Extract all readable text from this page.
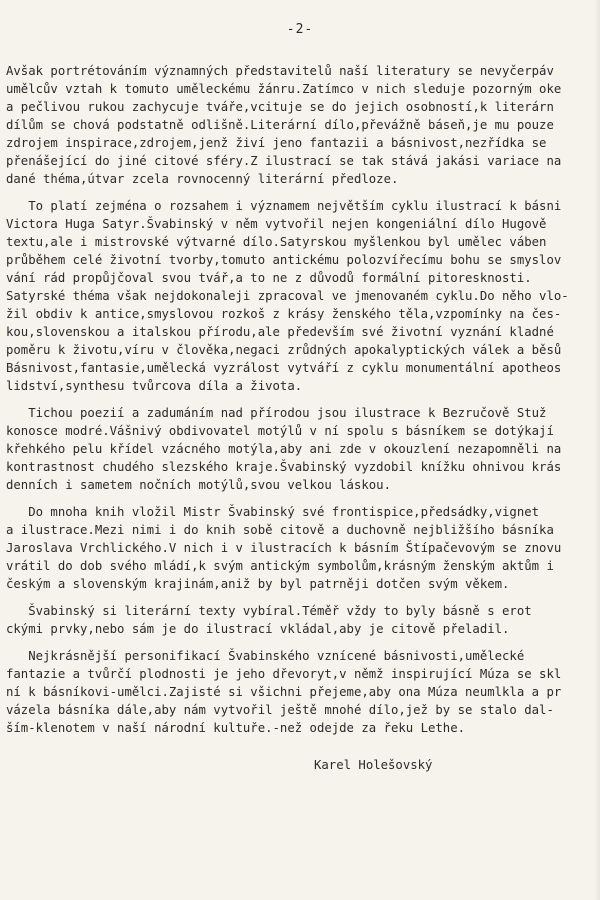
-2-
Avšak portrétováním významných představitelů naší literatury se nevyčerpáv
umělcův vztah k tomuto uměleckému žánru.Zatímco v nich sleduje pozorným oke
a pečlivou rukou zachycuje tváře,vcituje se do jejich osobností,k literárn
dílům se chová podstatně odlišně.Literární dílo,převážně báseň,je mu pouze
zdrojem inspirace,zdrojem,jenž živí jeno fantazii a básnivost,nezřídka se
přenášející do jiné citové sféry.Z ilustrací se tak stává jakási variace na
dané théma,útvar zcela rovnocenný literární předloze.
To platí zejména o rozsahem i významem největším cyklu ilustrací k básni
Victora Huga Satyr.Švabinský v něm vytvořil nejen kongeniální dílo Hugově
textu,ale i mistrovské výtvarné dílo.Satyrskou myšlenkou byl umělec váben
průběhem celé životní tvorby,tomuto antickému polozvířecímu bohu se smyslov
vání rád propůjčoval svou tvář,a to ne z důvodů formální pitoresknosti.
Satyrské théma však nejdokonaleji zpracoval ve jmenovaném cyklu.Do něho vlo-
žil obdiv k antice,smyslovou rozkoš z krásy ženského těla,vzpomínky na čes-
kou,slovenskou a italskou přírodu,ale především své životní vyznání kladné
poměru k životu,víru v člověka,negaci zrůdných apokalyptických válek a běsů
Básnivost,fantasie,umělecká vyzrálost vytváří z cyklu monumentální apotheos
lidství,synthesu tvůrcova díla a života.
Tichou poezií a zadumáním nad přírodou jsou ilustrace k Bezručově Stuž
konosce modré.Vášnivý obdivovatel motýlů v ní spolu s básníkem se dotýkají
křehkého pelu křídel vzácného motýla,aby ani zde v okouzlení nezapomněli na
kontrastnost chudého slezského kraje.Švabinský vyzdobil knížku ohnivou krás
denních i sametem nočních motýlů,svou velkou láskou.
Do mnoha knih vložil Mistr Švabinský své frontispice,předsádky,vignet
a ilustrace.Mezi nimi i do knih sobě citově a duchovně nejbližšího básníka
Jaroslava Vrchlického.V nich i v ilustracích k básním Štípačevovým se znovu
vrátil do dob svého mládí,k svým antickým symbolům,krásným ženským aktům i
českým a slovenským krajinám,aniž by byl patrněji dotčen svým věkem.
Švabinský si literární texty vybíral.Téměř vždy to byly básně s erot
ckými prvky,nebo sám je do ilustrací vkládal,aby je citově přeladil.
Nejkrásnější personifikací Švabinského vznícené básnivosti,umělecké
fantazie a tvůrčí plodnosti je jeho dřevoryt,v němž inspirující Múza se skl
ní k básníkovi-umělci.Zajisté si všichni přejeme,aby ona Múza neumlkla a pr
vázela básníka dále,aby nám vytvořil ještě mnohé dílo,jež by se stalo dal-
ším-klenotem v naší národní kultuře.-než odejde za řeku Lethe.
Karel Holešovský
